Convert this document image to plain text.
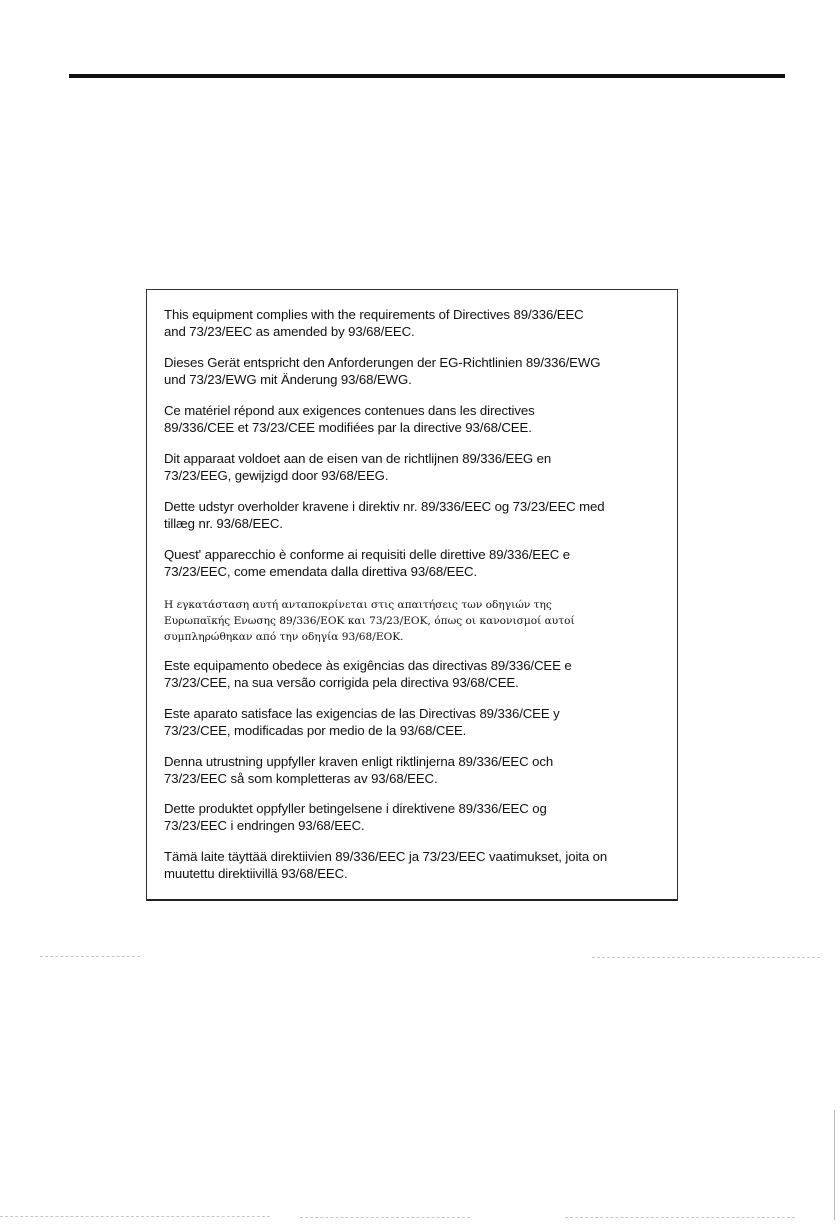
This equipment complies with the requirements of Directives 89/336/EEC
and 73/23/EEC as amended by 93/68/EEC.

Dieses Gerät entspricht den Anforderungen der EG-Richtlinien 89/336/EWG
und 73/23/EWG mit Änderung 93/68/EWG.

Ce matériel répond aux exigences contenues dans les directives
89/336/CEE et 73/23/CEE modifiées par la directive 93/68/CEE.

Dit apparaat voldoet aan de eisen van de richtlijnen 89/336/EEG en
73/23/EEG, gewijzigd door 93/68/EEG.

Dette udstyr overholder kravene i direktiv nr. 89/336/EEC og 73/23/EEC med
tillæg nr. 93/68/EEC.

Quest' apparecchio è conforme ai requisiti delle direttive 89/336/EEC e
73/23/EEC, come emendata dalla direttiva 93/68/EEC.

H εγκατάσταση αυτή ανταποκρίνεται στις απαιτήσεις των οδηγιών της
Ευρωπαϊκής Ενωσης 89/336/EOK και 73/23/EOK, όπως οι κανονισμοί αυτοί
συμπληρώθηκαν από την οδηγία 93/68/EOK.

Este equipamento obedece às exigências das directivas 89/336/CEE e
73/23/CEE, na sua versão corrigida pela directiva 93/68/CEE.

Este aparato satisface las exigencias de las Directivas 89/336/CEE y
73/23/CEE, modificadas por medio de la 93/68/CEE.

Denna utrustning uppfyller kraven enligt riktlinjerna 89/336/EEC och
73/23/EEC så som kompletteras av 93/68/EEC.

Dette produktet oppfyller betingelsene i direktivene 89/336/EEC og
73/23/EEC i endringen 93/68/EEC.

Tämä laite täyttää direktiivien 89/336/EEC ja 73/23/EEC vaatimukset, joita on
muutettu direktiivillä 93/68/EEC.
